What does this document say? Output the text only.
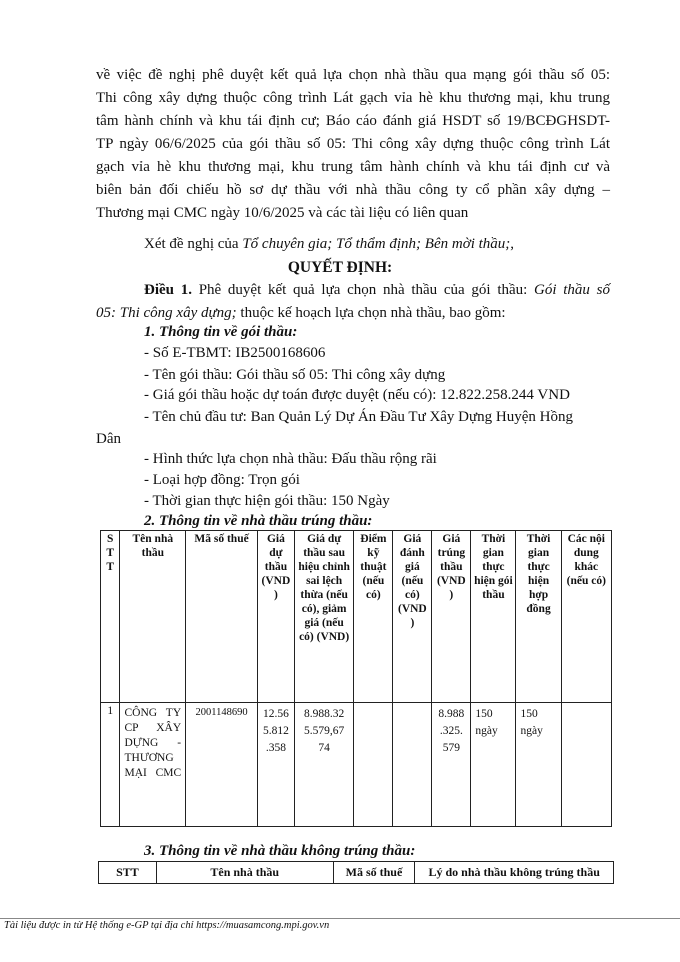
về việc đề nghị phê duyệt kết quả lựa chọn nhà thầu qua mạng gói thầu số 05:

Thi công xây dựng thuộc công trình Lát gạch vỉa hè khu thương mại, khu trung

tâm hành chính và khu tái định cư; Báo cáo đánh giá HSDT số 19/BCĐGHSDT-

TP ngày 06/6/2025 của gói thầu số 05: Thi công xây dựng thuộc công trình Lát

gạch vỉa hè khu thương mại, khu trung tâm hành chính và khu tái định cư và

biên bản đối chiếu hồ sơ dự thầu với nhà thầu công ty cổ phần xây dựng –

Thương mại CMC ngày 10/6/2025 và các tài liệu có liên quan

Xét đề nghị của Tổ chuyên gia; Tổ thẩm định; Bên mời thầu;,

QUYẾT ĐỊNH:

Điều 1. Phê duyệt kết quả lựa chọn nhà thầu của gói thầu: Gói thầu số

05: Thi công xây dựng; thuộc kế hoạch lựa chọn nhà thầu, bao gồm:

1. Thông tin về gói thầu:

- Số E-TBMT: IB2500168606

- Tên gói thầu: Gói thầu số 05: Thi công xây dựng

- Giá gói thầu hoặc dự toán được duyệt (nếu có): 12.822.258.244 VND

- Tên chủ đầu tư: Ban Quản Lý Dự Án Đầu Tư Xây Dựng Huyện Hồng

Dân

- Hình thức lựa chọn nhà thầu: Đấu thầu rộng rãi

- Loại hợp đồng: Trọn gói

- Thời gian thực hiện gói thầu: 150 Ngày

2. Thông tin về nhà thầu trúng thầu:

S T T	Tên nhà thầu	Mã số thuế	Giá dự thầu (VND )	Giá dự thầu sau hiệu chỉnh sai lệch thừa (nếu có), giảm giá (nếu có) (VND)	Điểm kỹ thuật (nếu có)	Giá đánh giá (nếu có) (VND )	Giá trúng thầu (VND )	Thời gian thực hiện gói thầu	Thời gian thực hiện hợp đồng	Các nội dung khác (nếu có)
1	CÔNG TY CP XÂY DỰNG - THƯƠNG MẠI CMC	2001148690	12.56 5.812 .358	8.988.32 5.579,67 74			8.988 .325. 579	150 ngày	150 ngày	

3. Thông tin về nhà thầu không trúng thầu:

STT	Tên nhà thầu	Mã số thuế	Lý do nhà thầu không trúng thầu
Tài liệu được in từ Hệ thống e-GP tại địa chỉ https://muasamcong.mpi.gov.vn
